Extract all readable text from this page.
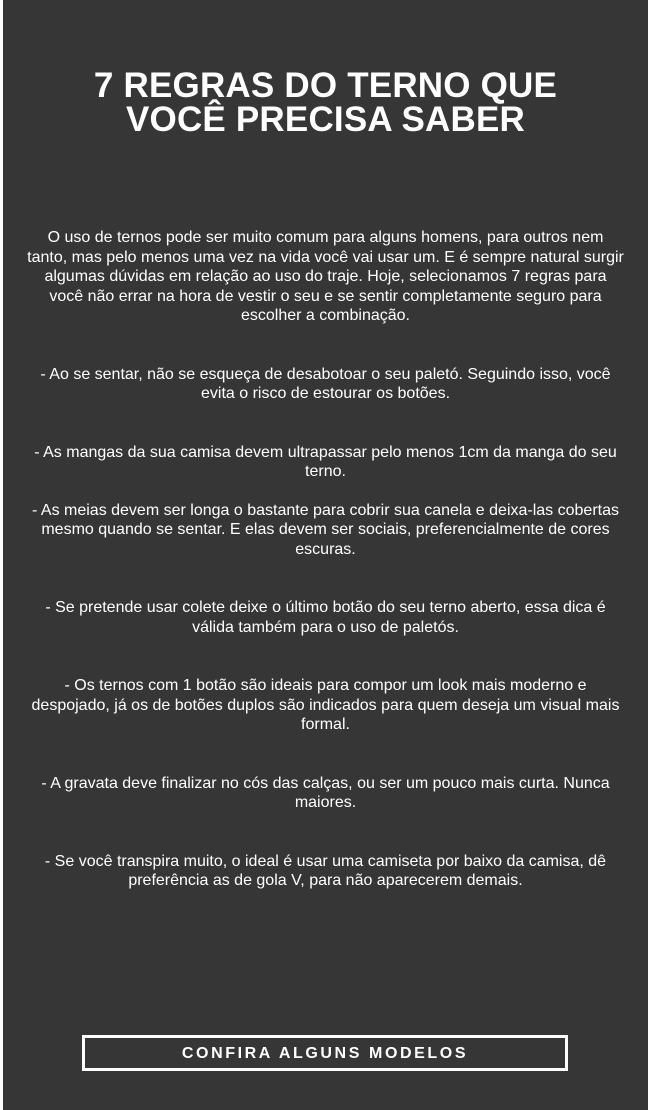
7 REGRAS DO TERNO QUE
VOCÊ PRECISA SABER

O uso de ternos pode ser muito comum para alguns homens, para outros nem tanto, mas pelo menos uma vez na vida você vai usar um. E é sempre natural surgir algumas dúvidas em relação ao uso do traje. Hoje, selecionamos 7 regras para você não errar na hora de vestir o seu e se sentir completamente seguro para escolher a combinação.

- Ao se sentar, não se esqueça de desabotoar o seu paletó. Seguindo isso, você evita o risco de estourar os botões.

- As mangas da sua camisa devem ultrapassar pelo menos 1cm da manga do seu terno.

- As meias devem ser longa o bastante para cobrir sua canela e deixa-las cobertas mesmo quando se sentar. E elas devem ser sociais, preferencialmente de cores escuras.

- Se pretende usar colete deixe o último botão do seu terno aberto, essa dica é válida também para o uso de paletós.

- Os ternos com 1 botão são ideais para compor um look mais moderno e despojado, já os de botões duplos são indicados para quem deseja um visual mais formal.

- A gravata deve finalizar no cós das calças, ou ser um pouco mais curta. Nunca maiores.

- Se você transpira muito, o ideal é usar uma camiseta por baixo da camisa, dê preferência as de gola V, para não aparecerem demais.

CONFIRA ALGUNS MODELOS
